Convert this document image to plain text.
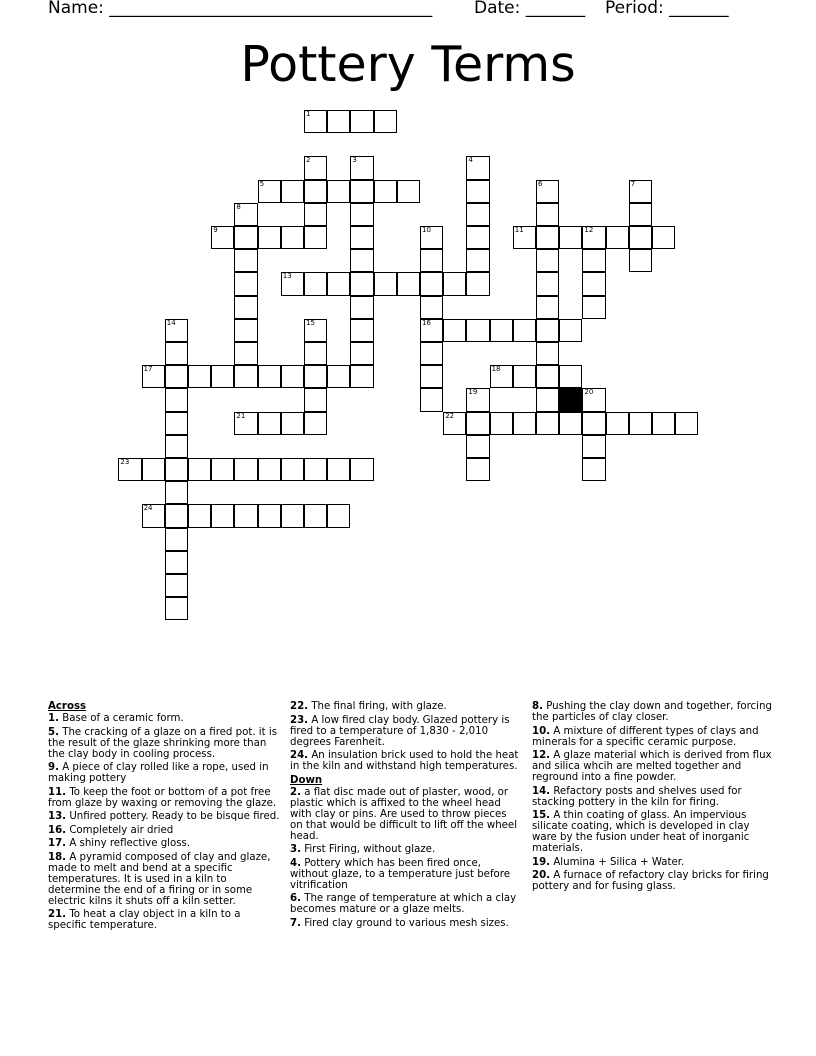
Name: ______________________________________ Date: _______ Period: _______
Pottery Terms
1
5
9	11	12
13
16
17	18
21	22
23
24
2	3	4
6	7
8
10
14	15
19	20
Across

1. Base of a ceramic form.

5. The cracking of a glaze on a fired pot. it is the result of the glaze shrinking more than the clay body in cooling process.

9. A piece of clay rolled like a rope, used in making pottery

11. To keep the foot or bottom of a pot free from glaze by waxing or removing the glaze.

13. Unfired pottery. Ready to be bisque fired.

16. Completely air dried

17. A shiny reflective gloss.

18. A pyramid composed of clay and glaze, made to melt and bend at a specific temperatures. It is used in a kiln to determine the end of a firing or in some electric kilns it shuts off a kiln setter.

21. To heat a clay object in a kiln to a specific temperature.

22. The final firing, with glaze.

23. A low fired clay body. Glazed pottery is fired to a temperature of 1,830 - 2,010 degrees Farenheit.

24. An insulation brick used to hold the heat in the kiln and withstand high temperatures.

Down

2. a flat disc made out of plaster, wood, or plastic which is affixed to the wheel head with clay or pins. Are used to throw pieces on that would be difficult to lift off the wheel head.

3. First Firing, without glaze.

4. Pottery which has been fired once, without glaze, to a temperature just before vitrification

6. The range of temperature at which a clay becomes mature or a glaze melts.

7. Fired clay ground to various mesh sizes.

8. Pushing the clay down and together, forcing the particles of clay closer.

10. A mixture of different types of clays and minerals for a specific ceramic purpose.

12. A glaze material which is derived from flux and silica whcih are melted together and reground into a fine powder.

14. Refactory posts and shelves used for stacking pottery in the kiln for firing.

15. A thin coating of glass. An impervious silicate coating, which is developed in clay ware by the fusion under heat of inorganic materials.

19. Alumina + Silica + Water.

20. A furnace of refactory clay bricks for firing pottery and for fusing glass.
